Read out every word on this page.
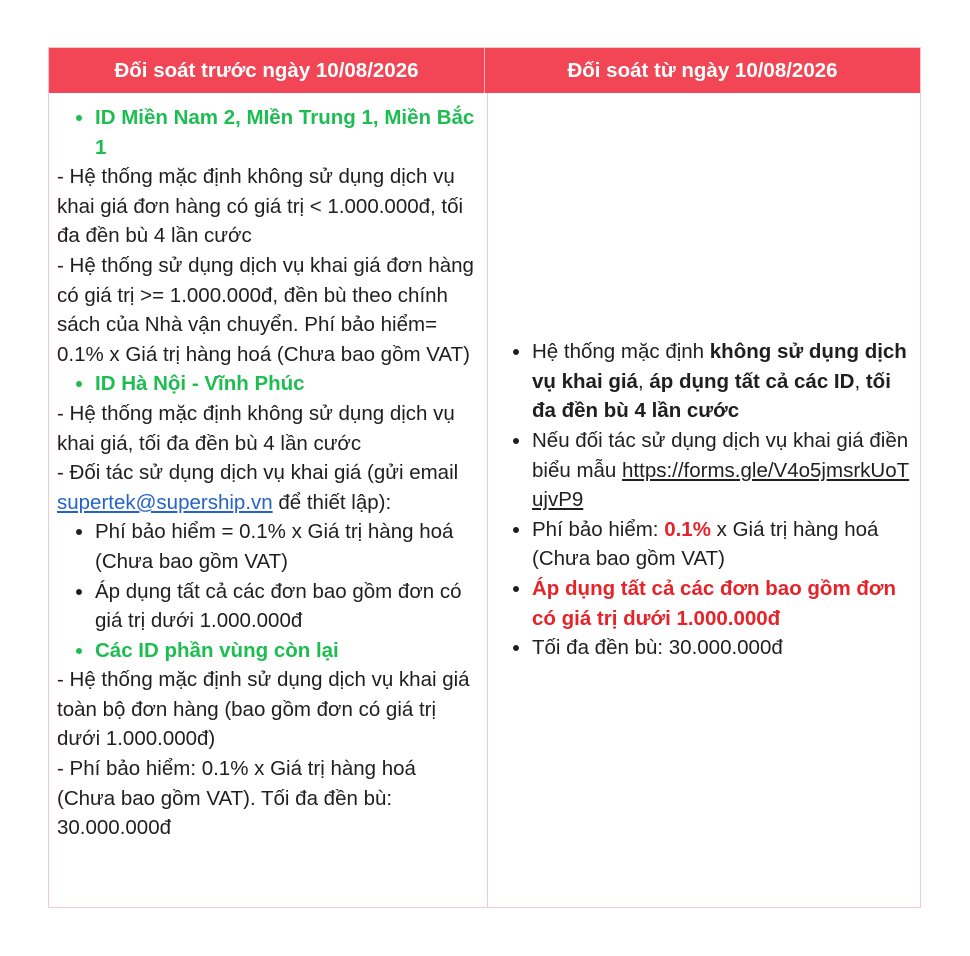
Đối soát trước ngày 10/08/2026	Đối soát từ ngày 10/08/2026
• ID Miền Nam 2, MIền Trung 1, Miền Bắc 1

- Hệ thống mặc định không sử dụng dịch vụ khai giá đơn hàng có giá trị < 1.000.000đ, tối đa đền bù 4 lần cước

- Hệ thống sử dụng dịch vụ khai giá đơn hàng có giá trị >= 1.000.000đ, đền bù theo chính sách của Nhà vận chuyển. Phí bảo hiểm= 0.1% x Giá trị hàng hoá (Chưa bao gồm VAT)

• ID Hà Nội - Vĩnh Phúc

- Hệ thống mặc định không sử dụng dịch vụ khai giá, tối đa đền bù 4 lần cước

- Đối tác sử dụng dịch vụ khai giá (gửi email supertek@supership.vn để thiết lập):

• Phí bảo hiểm = 0.1% x Giá trị hàng hoá (Chưa bao gồm VAT)
• Áp dụng tất cả các đơn bao gồm đơn có giá trị dưới 1.000.000đ
• Các ID phần vùng còn lại

- Hệ thống mặc định sử dụng dịch vụ khai giá toàn bộ đơn hàng (bao gồm đơn có giá trị dưới 1.000.000đ)

- Phí bảo hiểm: 0.1% x Giá trị hàng hoá (Chưa bao gồm VAT). Tối đa đền bù: 30.000.000đ

• Hệ thống mặc định không sử dụng dịch vụ khai giá, áp dụng tất cả các ID, tối đa đền bù 4 lần cước
• Nếu đối tác sử dụng dịch vụ khai giá điền biểu mẫu https://forms.gle/V4o5jmsrkUoTujvP9
• Phí bảo hiểm: 0.1% x Giá trị hàng hoá (Chưa bao gồm VAT)
• Áp dụng tất cả các đơn bao gồm đơn có giá trị dưới 1.000.000đ
• Tối đa đền bù: 30.000.000đ
